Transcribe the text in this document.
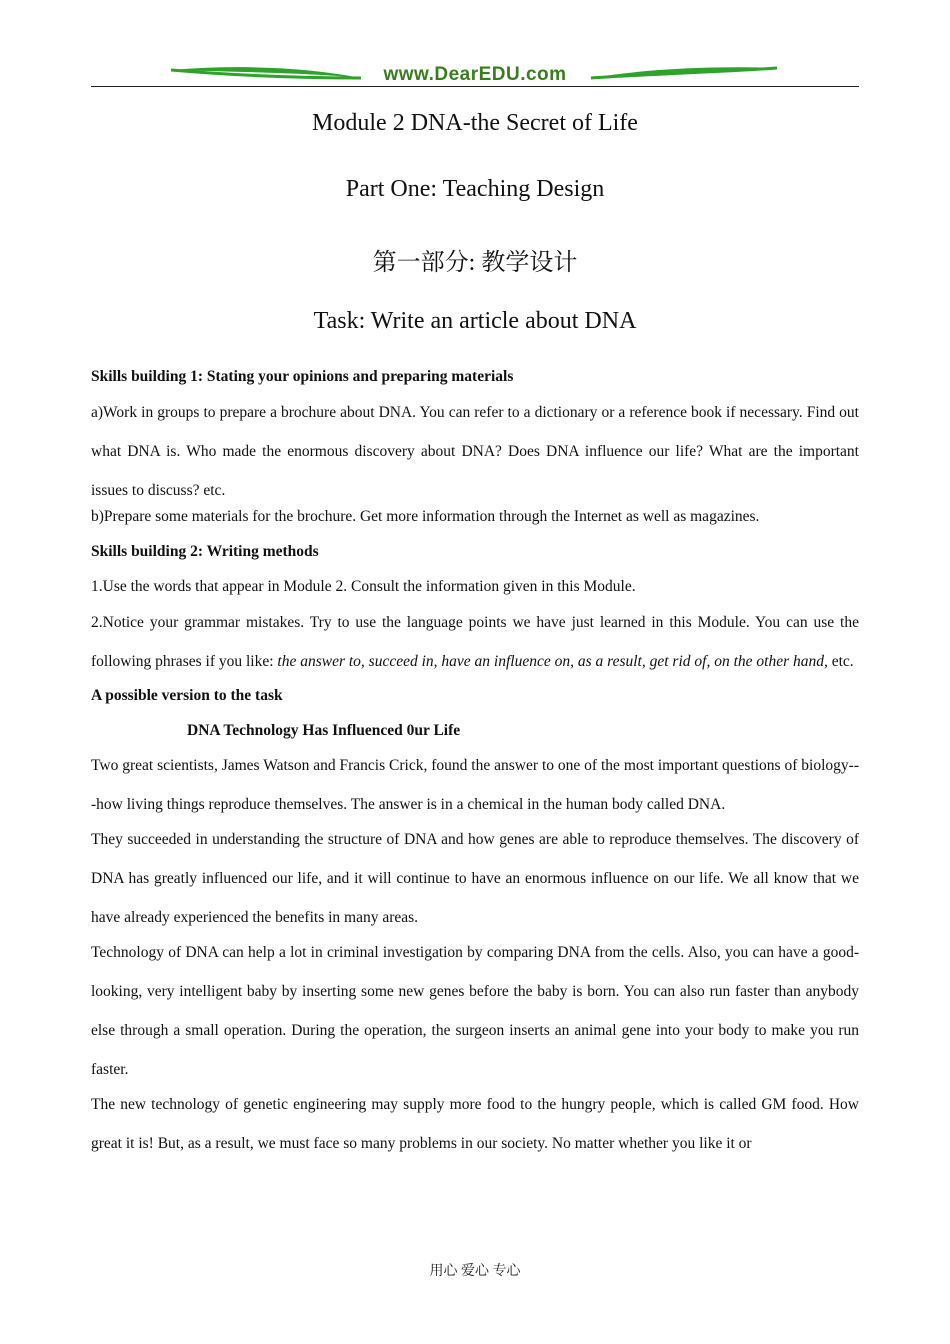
www.DearEDU.com
Module 2 DNA-the Secret of Life
Part One: Teaching Design
第一部分: 教学设计
Task: Write an article about DNA

Skills building 1: Stating your opinions and preparing materials

a)Work in groups to prepare a brochure about DNA. You can refer to a dictionary or a reference book if necessary. Find out what DNA is. Who made the enormous discovery about DNA? Does DNA influence our life? What are the important issues to discuss? etc.

b)Prepare some materials for the brochure. Get more information through the Internet as well as magazines.

Skills building 2: Writing methods

1.Use the words that appear in Module 2. Consult the information given in this Module.

2.Notice your grammar mistakes. Try to use the language points we have just learned in this Module. You can use the following phrases if you like: the answer to, succeed in, have an influence on, as a result, get rid of, on the other hand, etc.

A possible version to the task

DNA Technology Has Influenced 0ur Life

Two great scientists, James Watson and Francis Crick, found the answer to one of the most important questions of biology---how living things reproduce themselves. The answer is in a chemical in the human body called DNA.

They succeeded in understanding the structure of DNA and how genes are able to reproduce themselves. The discovery of DNA has greatly influenced our life, and it will continue to have an enormous influence on our life. We all know that we have already experienced the benefits in many areas.

Technology of DNA can help a lot in criminal investigation by comparing DNA from the cells. Also, you can have a good-looking, very intelligent baby by inserting some new genes before the baby is born. You can also run faster than anybody else through a small operation. During the operation, the surgeon inserts an animal gene into your body to make you run faster.

The new technology of genetic engineering may supply more food to the hungry people, which is called GM food. How great it is! But, as a result, we must face so many problems in our society. No matter whether you like it or

用心 爱心 专心
